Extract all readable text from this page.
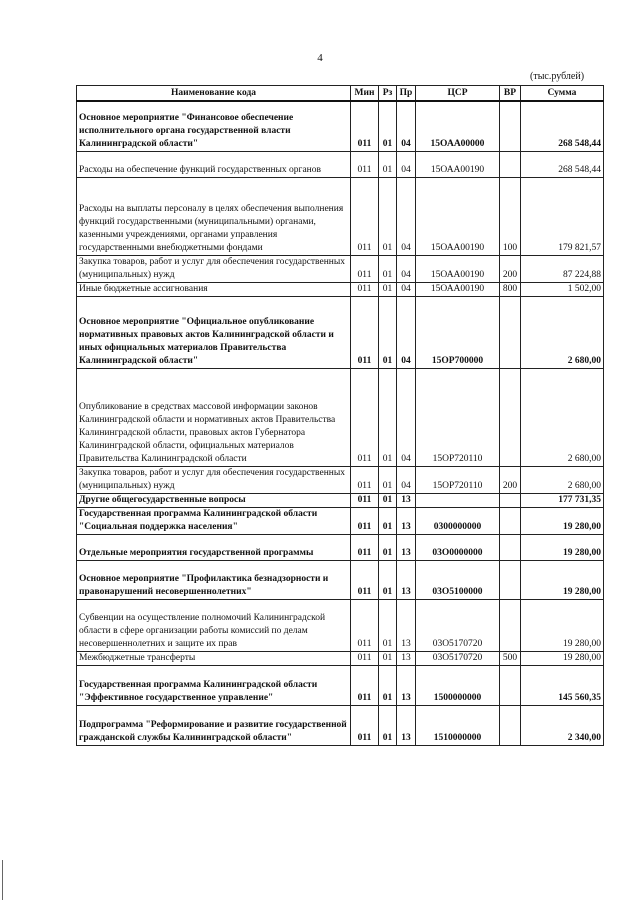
4
(тыс.рублей)
Наименование кода	Мин	Рз	Пр	ЦСР	ВР	Сумма
Основное мероприятие "Финансовое обеспечение исполнительного органа государственной власти Калининградской области"	011	01	04	15ОАА00000		268 548,44
Расходы на обеспечение функций государственных органов	011	01	04	15ОАА00190		268 548,44
Расходы на выплаты персоналу в целях обеспечения выполнения функций государственными (муниципальными) органами, казенными учреждениями, органами управления государственными внебюджетными фондами	011	01	04	15ОАА00190	100	179 821,57
Закупка товаров, работ и услуг для обеспечения государственных (муниципальных) нужд	011	01	04	15ОАА00190	200	87 224,88
Иные бюджетные ассигнования	011	01	04	15ОАА00190	800	1 502,00
Основное мероприятие "Официальное опубликование нормативных правовых актов Калининградской области и иных официальных материалов Правительства Калининградской области"	011	01	04	15ОР700000		2 680,00
Опубликование в средствах массовой информации законов Калининградской области и нормативных актов Правительства Калининградской области, правовых актов Губернатора Калининградской области, официальных материалов Правительства Калининградской области	011	01	04	15ОР720110		2 680,00
Закупка товаров, работ и услуг для обеспечения государственных (муниципальных) нужд	011	01	04	15ОР720110	200	2 680,00
Другие общегосударственные вопросы	011	01	13			177 731,35
Государственная программа Калининградской области "Социальная поддержка населения"	011	01	13	0300000000		19 280,00
Отдельные мероприятия государственной программы	011	01	13	03О0000000		19 280,00
Основное мероприятие "Профилактика безнадзорности и правонарушений несовершеннолетних"	011	01	13	03О5100000		19 280,00
Субвенции на осуществление полномочий Калининградской области в сфере организации работы комиссий по делам несовершеннолетних и защите их прав	011	01	13	03О5170720		19 280,00
Межбюджетные трансферты	011	01	13	03О5170720	500	19 280,00
Государственная программа Калининградской области "Эффективное государственное управление"	011	01	13	1500000000		145 560,35
Подпрограмма "Реформирование и развитие государственной гражданской службы Калининградской области"	011	01	13	1510000000		2 340,00
